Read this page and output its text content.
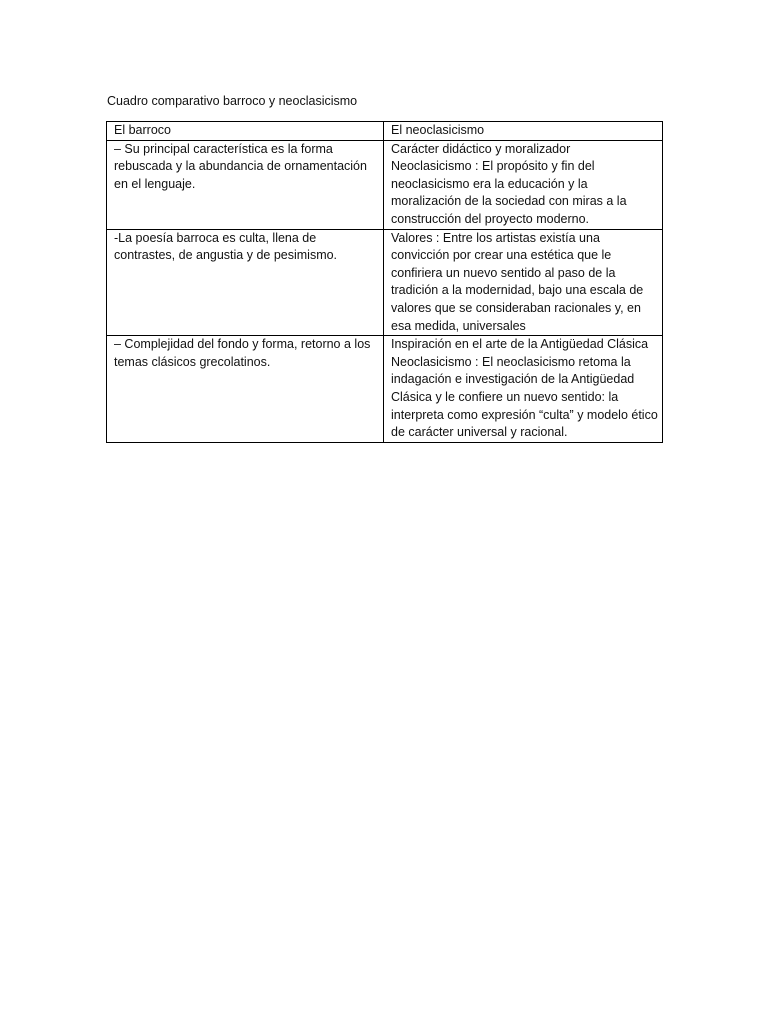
Cuadro comparativo barroco y neoclasicismo
El barroco	El neoclasicismo

– Su principal característica es la forma rebuscada y la abundancia de ornamentación en el lenguaje.	Carácter didáctico y moralizador
Neoclasicismo : El propósito y fin del neoclasicismo era la educación y la moralización de la sociedad con miras a la construcción del proyecto moderno.

-La poesía barroca es culta, llena de contrastes, de angustia y de pesimismo.	Valores : Entre los artistas existía una convicción por crear una estética que le confiriera un nuevo sentido al paso de la tradición a la modernidad, bajo una escala de valores que se consideraban racionales y, en esa medida, universales

– Complejidad del fondo y forma, retorno a los temas clásicos grecolatinos.	Inspiración en el arte de la Antigüedad Clásica
Neoclasicismo : El neoclasicismo retoma la indagación e investigación de la Antigüedad Clásica y le confiere un nuevo sentido: la interpreta como expresión “culta” y modelo ético de carácter universal y racional.
